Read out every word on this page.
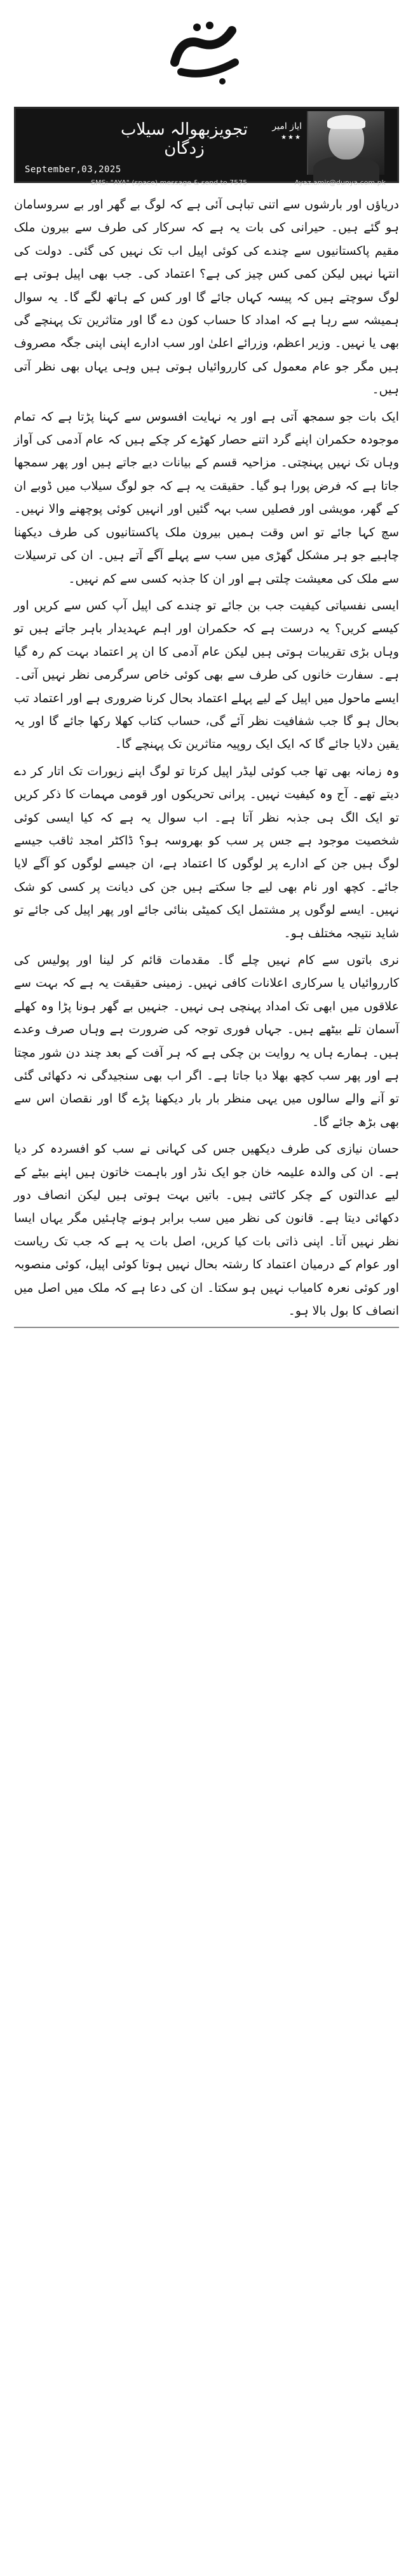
تجویزبھوالہ سیلاب زدگان
ایاز امیر
★★★
September,03,2025
SMS: "AYA" (space) message & send to 7575	Ayaz.amir@dunya.com.pk

دریاؤں اور بارشوں سے اتنی تباہی آئی ہے کہ لوگ بے گھر اور بے سروسامان ہو گئے ہیں۔ حیرانی کی بات یہ ہے کہ سرکار کی طرف سے بیرون ملک مقیم پاکستانیوں سے چندے کی کوئی اپیل اب تک نہیں کی گئی۔ دولت کی انتہا نہیں لیکن کمی کس چیز کی ہے؟ اعتماد کی۔ جب بھی اپیل ہوتی ہے لوگ سوچتے ہیں کہ پیسہ کہاں جائے گا اور کس کے ہاتھ لگے گا۔ یہ سوال ہمیشہ سے رہا ہے کہ امداد کا حساب کون دے گا اور متاثرین تک پہنچے گی بھی یا نہیں۔ وزیر اعظم، وزرائے اعلیٰ اور سب ادارے اپنی اپنی جگہ مصروف ہیں مگر جو عام معمول کی کارروائیاں ہوتی ہیں وہی یہاں بھی نظر آتی ہیں۔

ایک بات جو سمجھ آتی ہے اور یہ نہایت افسوس سے کہنا پڑتا ہے کہ تمام موجودہ حکمران اپنے گرد اتنے حصار کھڑے کر چکے ہیں کہ عام آدمی کی آواز وہاں تک نہیں پہنچتی۔ مزاحیہ قسم کے بیانات دیے جاتے ہیں اور پھر سمجھا جاتا ہے کہ فرض پورا ہو گیا۔ حقیقت یہ ہے کہ جو لوگ سیلاب میں ڈوبے ان کے گھر، مویشی اور فصلیں سب بہہ گئیں اور انہیں کوئی پوچھنے والا نہیں۔ سچ کہا جائے تو اس وقت ہمیں بیرون ملک پاکستانیوں کی طرف دیکھنا چاہیے جو ہر مشکل گھڑی میں سب سے پہلے آگے آتے ہیں۔ ان کی ترسیلات سے ملک کی معیشت چلتی ہے اور ان کا جذبہ کسی سے کم نہیں۔

ایسی نفسیاتی کیفیت جب بن جائے تو چندے کی اپیل آپ کس سے کریں اور کیسے کریں؟ یہ درست ہے کہ حکمران اور اہم عہدیدار باہر جاتے ہیں تو وہاں بڑی تقریبات ہوتی ہیں لیکن عام آدمی کا ان پر اعتماد بہت کم رہ گیا ہے۔ سفارت خانوں کی طرف سے بھی کوئی خاص سرگرمی نظر نہیں آتی۔ ایسے ماحول میں اپیل کے لیے پہلے اعتماد بحال کرنا ضروری ہے اور اعتماد تب بحال ہو گا جب شفافیت نظر آئے گی، حساب کتاب کھلا رکھا جائے گا اور یہ یقین دلایا جائے گا کہ ایک ایک روپیہ متاثرین تک پہنچے گا۔

وہ زمانہ بھی تھا جب کوئی لیڈر اپیل کرتا تو لوگ اپنے زیورات تک اتار کر دے دیتے تھے۔ آج وہ کیفیت نہیں۔ پرانی تحریکوں اور قومی مہمات کا ذکر کریں تو ایک الگ ہی جذبہ نظر آتا ہے۔ اب سوال یہ ہے کہ کیا ایسی کوئی شخصیت موجود ہے جس پر سب کو بھروسہ ہو؟ ڈاکٹر امجد ثاقب جیسے لوگ ہیں جن کے ادارے پر لوگوں کا اعتماد ہے، ان جیسے لوگوں کو آگے لایا جائے۔ کچھ اور نام بھی لیے جا سکتے ہیں جن کی دیانت پر کسی کو شک نہیں۔ ایسے لوگوں پر مشتمل ایک کمیٹی بنائی جائے اور پھر اپیل کی جائے تو شاید نتیجہ مختلف ہو۔

نری باتوں سے کام نہیں چلے گا۔ مقدمات قائم کر لینا اور پولیس کی کارروائیاں یا سرکاری اعلانات کافی نہیں۔ زمینی حقیقت یہ ہے کہ بہت سے علاقوں میں ابھی تک امداد پہنچی ہی نہیں۔ جنہیں بے گھر ہونا پڑا وہ کھلے آسمان تلے بیٹھے ہیں۔ جہاں فوری توجہ کی ضرورت ہے وہاں صرف وعدے ہیں۔ ہمارے ہاں یہ روایت بن چکی ہے کہ ہر آفت کے بعد چند دن شور مچتا ہے اور پھر سب کچھ بھلا دیا جاتا ہے۔ اگر اب بھی سنجیدگی نہ دکھائی گئی تو آنے والے سالوں میں یہی منظر بار بار دیکھنا پڑے گا اور نقصان اس سے بھی بڑھ جائے گا۔

حسان نیازی کی طرف دیکھیں جس کی کہانی نے سب کو افسردہ کر دیا ہے۔ ان کی والدہ علیمہ خان جو ایک نڈر اور باہمت خاتون ہیں اپنے بیٹے کے لیے عدالتوں کے چکر کاٹتی ہیں۔ باتیں بہت ہوتی ہیں لیکن انصاف دور دکھائی دیتا ہے۔ قانون کی نظر میں سب برابر ہونے چاہئیں مگر یہاں ایسا نظر نہیں آتا۔ اپنی ذاتی بات کیا کریں، اصل بات یہ ہے کہ جب تک ریاست اور عوام کے درمیان اعتماد کا رشتہ بحال نہیں ہوتا کوئی اپیل، کوئی منصوبہ اور کوئی نعرہ کامیاب نہیں ہو سکتا۔ ان کی دعا ہے کہ ملک میں اصل میں انصاف کا بول بالا ہو۔
